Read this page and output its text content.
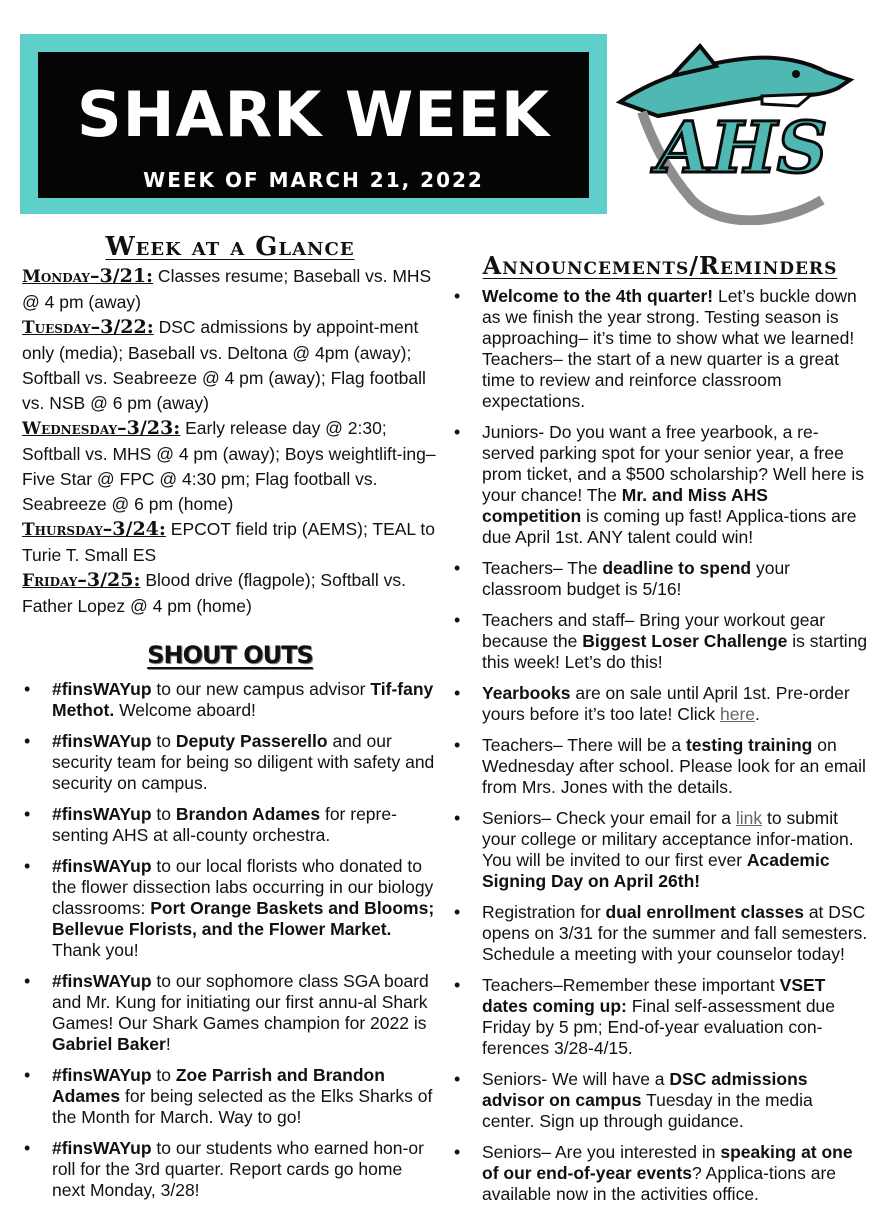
SHARK WEEK
WEEK OF MARCH 21, 2022	AHS
Week at a Glance

Monday–3/21: Classes resume; Baseball vs. MHS @ 4 pm (away)

Tuesday–3/22: DSC admissions by appoint-ment only (media); Baseball vs. Deltona @ 4pm (away); Softball vs. Seabreeze @ 4 pm (away); Flag football vs. NSB @ 6 pm (away)

Wednesday–3/23: Early release day @ 2:30; Softball vs. MHS @ 4 pm (away); Boys weightlift-ing– Five Star @ FPC @ 4:30 pm; Flag football vs. Seabreeze @ 6 pm (home)

Thursday–3/24: EPCOT field trip (AEMS); TEAL to Turie T. Small ES

Friday–3/25: Blood drive (flagpole); Softball vs. Father Lopez @ 4 pm (home)

SHOUT OUTS
• #finsWAYup to our new campus advisor Tif-fany Methot. Welcome aboard!
• #finsWAYup to Deputy Passerello and our security team for being so diligent with safety and security on campus.
• #finsWAYup to Brandon Adames for repre-senting AHS at all-county orchestra.
• #finsWAYup to our local florists who donated to the flower dissection labs occurring in our biology classrooms: Port Orange Baskets and Blooms; Bellevue Florists, and the Flower Market. Thank you!
• #finsWAYup to our sophomore class SGA board and Mr. Kung for initiating our first annu-al Shark Games! Our Shark Games champion for 2022 is Gabriel Baker!
• #finsWAYup to Zoe Parrish and Brandon Adames for being selected as the Elks Sharks of the Month for March. Way to go!
• #finsWAYup to our students who earned hon-or roll for the 3rd quarter. Report cards go home next Monday, 3/28!
Announcements/Reminders
• Welcome to the 4th quarter! Let’s buckle down as we finish the year strong. Testing season is approaching– it’s time to show what we learned! Teachers– the start of a new quarter is a great time to review and reinforce classroom expectations.
• Juniors- Do you want a free yearbook, a re-served parking spot for your senior year, a free prom ticket, and a $500 scholarship? Well here is your chance! The Mr. and Miss AHS competition is coming up fast! Applica-tions are due April 1st. ANY talent could win!
• Teachers– The deadline to spend your classroom budget is 5/16!
• Teachers and staff– Bring your workout gear because the Biggest Loser Challenge is starting this week! Let’s do this!
• Yearbooks are on sale until April 1st. Pre-order yours before it’s too late! Click here.
• Teachers– There will be a testing training on Wednesday after school. Please look for an email from Mrs. Jones with the details.
• Seniors– Check your email for a link to submit your college or military acceptance infor-mation. You will be invited to our first ever Academic Signing Day on April 26th!
• Registration for dual enrollment classes at DSC opens on 3/31 for the summer and fall semesters. Schedule a meeting with your counselor today!
• Teachers–Remember these important VSET dates coming up: Final self-assessment due Friday by 5 pm; End-of-year evaluation con-ferences 3/28-4/15.
• Seniors- We will have a DSC admissions advisor on campus Tuesday in the media center. Sign up through guidance.
• Seniors– Are you interested in speaking at one of our end-of-year events? Applica-tions are available now in the activities office.
